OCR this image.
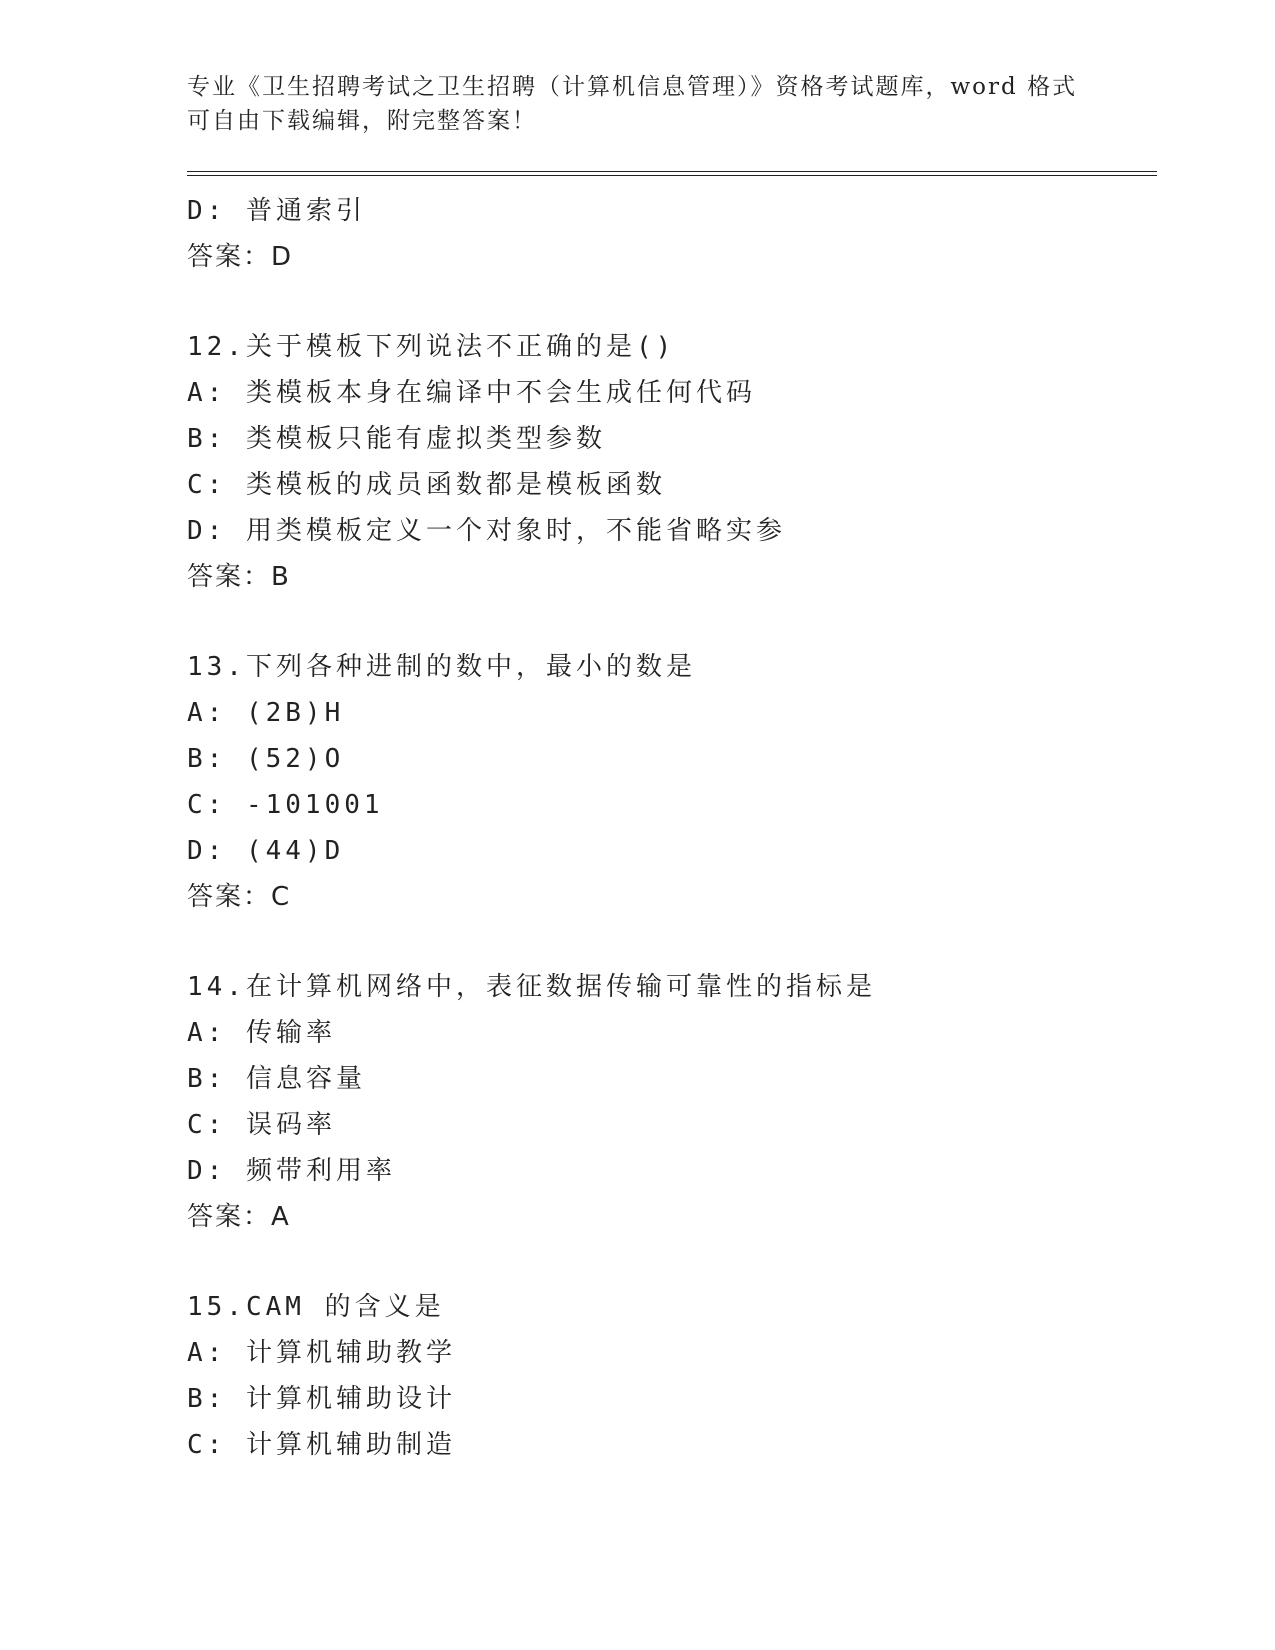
专业《卫生招聘考试之卫生招聘（计算机信息管理）》资格考试题库，word 格式
可自由下载编辑，附完整答案！
D: 普通索引
答案：D
12.关于模板下列说法不正确的是()
A: 类模板本身在编译中不会生成任何代码
B: 类模板只能有虚拟类型参数
C: 类模板的成员函数都是模板函数
D: 用类模板定义一个对象时，不能省略实参
答案：B
13.下列各种进制的数中，最小的数是
A: (2B)H
B: (52)O
C: -101001
D: (44)D
答案：C
14.在计算机网络中，表征数据传输可靠性的指标是
A: 传输率
B: 信息容量
C: 误码率
D: 频带利用率
答案：A
15.CAM 的含义是
A: 计算机辅助教学
B: 计算机辅助设计
C: 计算机辅助制造
